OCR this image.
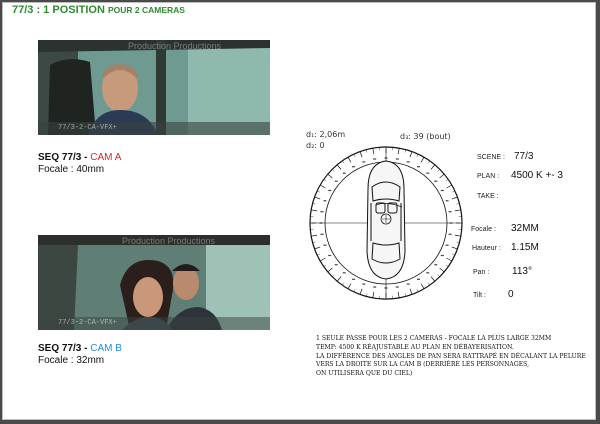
77/3 : 1 POSITION POUR 2 CAMERAS
Production Productions
77/3-2-CA-VFX+
SEQ 77/3 - CAM A
Focale : 40mm
Production Productions
77/3-2-CA-VFX+
SEQ 77/3 - CAM B
Focale : 32mm
d₁: 2,06m
d₂: 0
d₃: 39 (bout)
SCENE : 77/3
PLAN : 4500 K +- 3
TAKE :
Focale : 32MM
Hauteur : 1.15M
Pan : 113°
Tilt : 0
1 SEULE PASSE POUR LES 2 CAMERAS - FOCALE LA PLUS LARGE 32MM
TEMP: 4500 K RÉAJUSTABLE AU PLAN EN DÉBAYERISATION.
LA DIFFÉRENCE DES ANGLES DE PAN SERA RATTRAPÉ EN DÉCALANT LA PELURE
VERS LA DROITE SUR LA CAM B (DERRIÈRE LES PERSONNAGES,
ON UTILISERA QUE DU CIEL)
